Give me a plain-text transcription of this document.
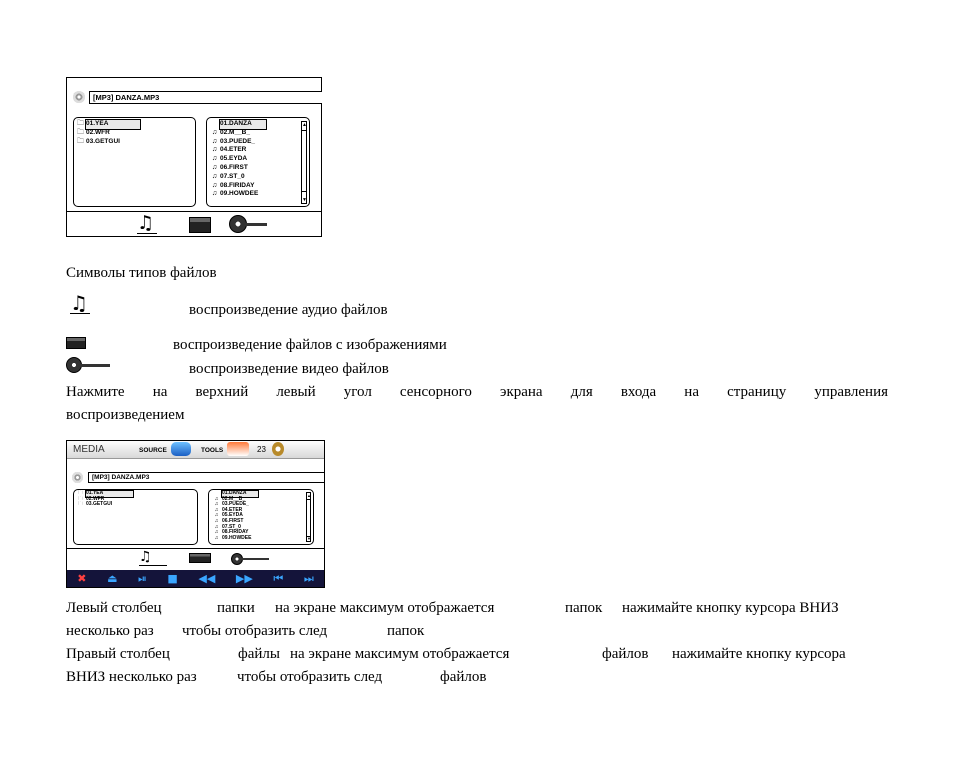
[MP3] DANZA.MP3
🗀 01.YEA
🗀 02.WFR
🗀 03.GETGUI
01.DANZA
♫ 02.M__B_
♫ 03.PUEDE_
♫ 04.ETER
♫ 05.EYDA
♫ 06.FIRST
♫ 07.ST_0
♫ 08.FIRIDAY
♫ 09.HOWDEE
▲
▼
♫
Символы типов файлов
♫	воспроизведение аудио файлов
воспроизведение файлов с изображениями
воспроизведение видео файлов
Нажмите на верхний левый угол сенсорного экрана для входа на страницу управления
воспроизведением
MEDIA	SOURCE	TOOLS	23
[MP3] DANZA.MP3
🗀 01.YEA
🗀 02.WFR
🗀 03.GETGUI
01.DANZA
♫ 02.M__B_
♫ 03.PUEDE_
♫ 04.ETER
♫ 05.EYDA
♫ 06.FIRST
♫ 07.ST_0
♫ 08.FIRIDAY
♫ 09.HOWDEE
▲
▼
♫
✖ ⏏ ⏯ ■ ◀◀ ▶▶ ⏮ ⏭
Левый столбец	папки на экране максимум отображается	папок нажимайте кнопку курсора ВНИЗ
несколько раз чтобы отобразить след	папок
Правый столбец	файлы на экране максимум отображается	файлов нажимайте кнопку курсора
ВНИЗ несколько раз	чтобы отобразить след	файлов
